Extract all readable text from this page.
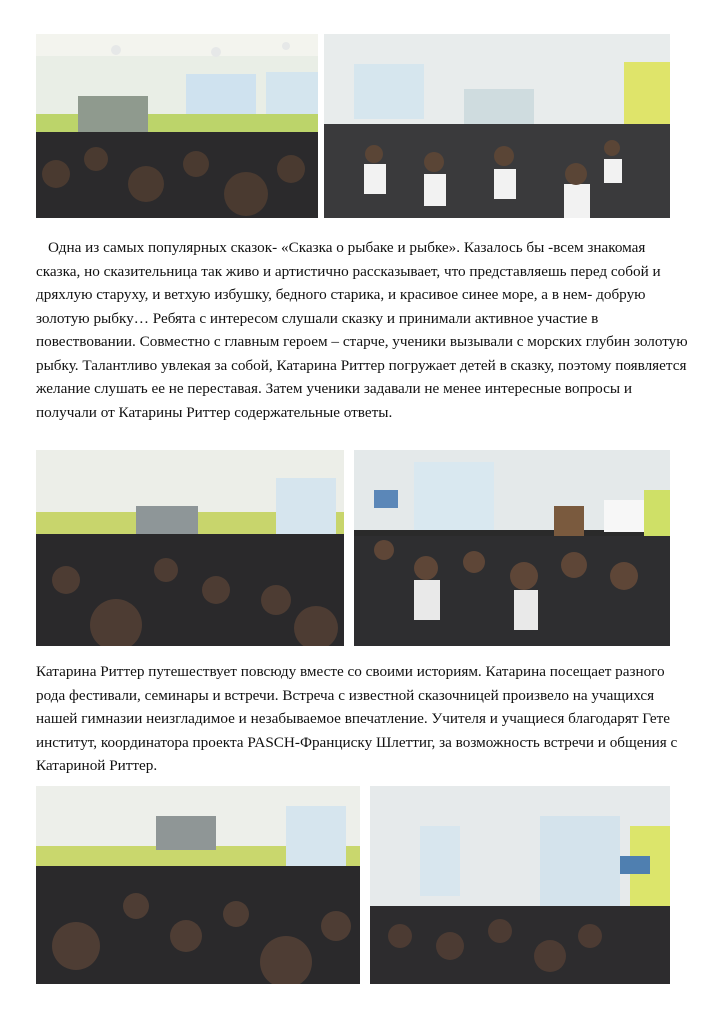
Одна из самых популярных сказок- «Сказка о рыбаке и рыбке». Казалось бы -всем знакомая сказка, но сказительница так живо и артистично рассказывает, что представляешь перед собой и дряхлую старуху, и ветхую избушку, бедного старика, и красивое синее море, а в нем- добрую золотую рыбку… Ребята с интересом слушали сказку и принимали активное участие в повествовании. Совместно с главным героем – старче, ученики вызывали с морских глубин золотую рыбку. Талантливо увлекая за собой, Катарина Риттер погружает детей в сказку, поэтому появляется желание слушать ее не переставая. Затем ученики задавали не менее интересные вопросы и получали от Катарины Риттер содержательные ответы.

Катарина Риттер путешествует повсюду вместе со своими историям. Катарина посещает разного рода фестивали, семинары и встречи. Встреча с известной сказочницей произвело на учащихся нашей гимназии неизгладимое и незабываемое впечатление. Учителя и учащиеся благодарят Гете институт, координатора проекта PASCH-Франциску Шлеттиг, за возможность встречи и общения с Катариной Риттер.
